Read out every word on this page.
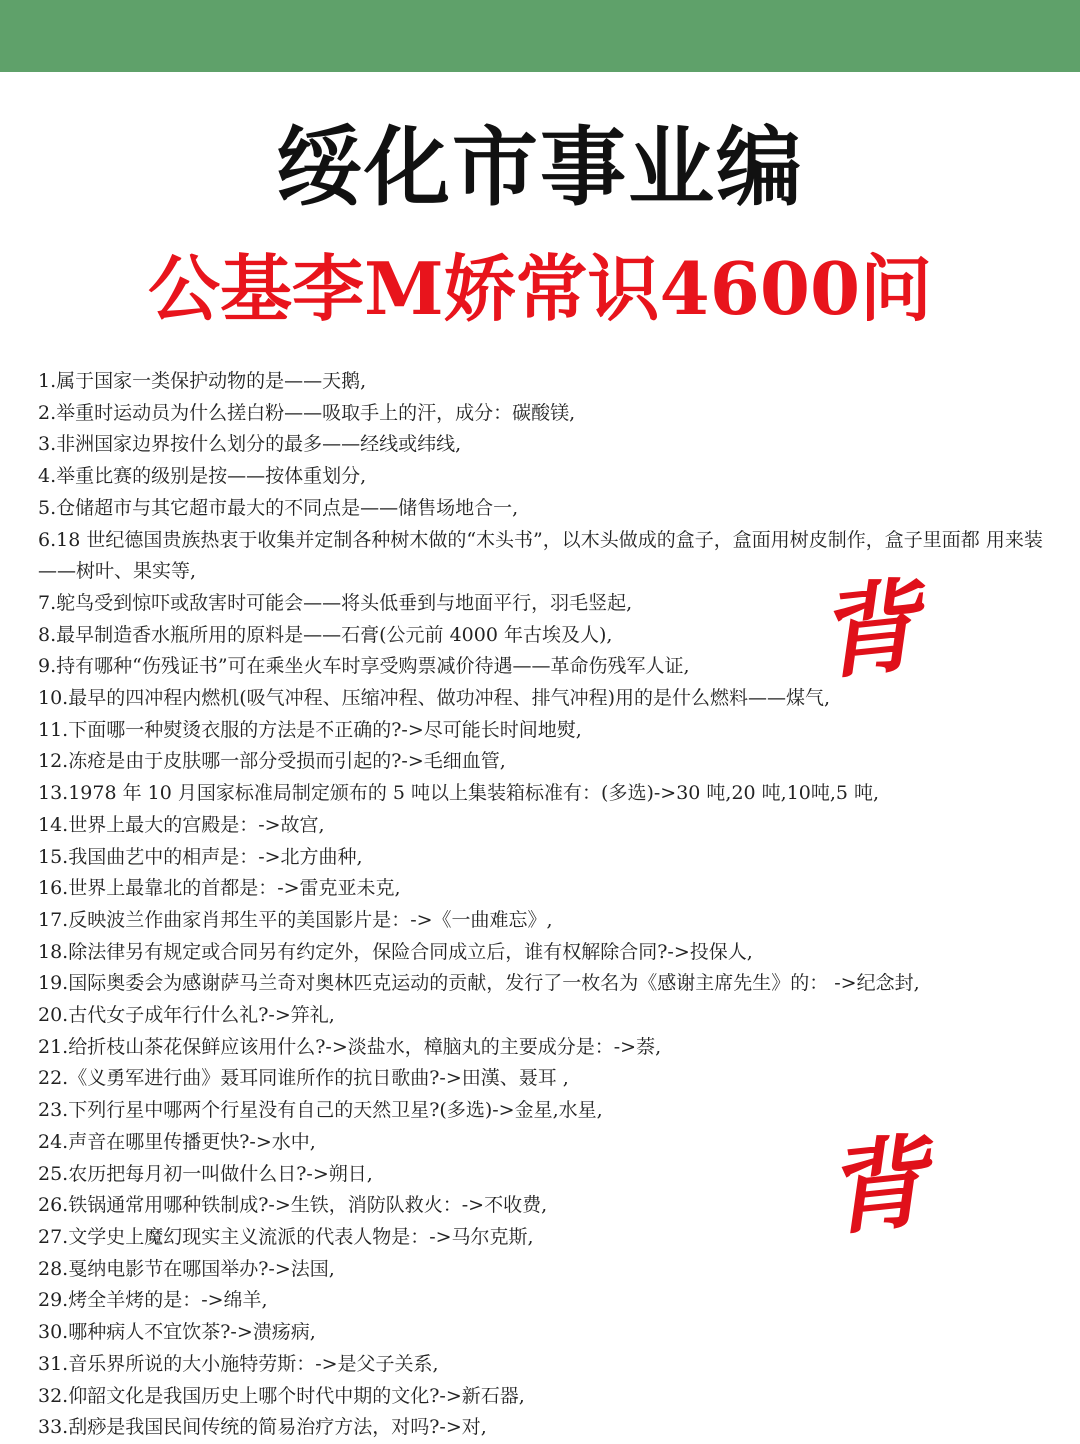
绥化市事业编
公基李M娇常识4600问
1.属于国家一类保护动物的是——天鹅,
2.举重时运动员为什么搓白粉——吸取手上的汗，成分：碳酸镁,
3.非洲国家边界按什么划分的最多——经线或纬线,
4.举重比赛的级别是按——按体重划分,
5.仓储超市与其它超市最大的不同点是——储售场地合一,
6.18 世纪德国贵族热衷于收集并定制各种树木做的“木头书”，以木头做成的盒子，盒面用树皮制作，盒子里面都 用来装——树叶、果实等,
7.鸵鸟受到惊吓或敌害时可能会——将头低垂到与地面平行，羽毛竖起,
8.最早制造香水瓶所用的原料是——石膏(公元前 4000 年古埃及人),
9.持有哪种“伤残证书”可在乘坐火车时享受购票减价待遇——革命伤残军人证,
10.最早的四冲程内燃机(吸气冲程、压缩冲程、做功冲程、排气冲程)用的是什么燃料——煤气,
11.下面哪一种熨烫衣服的方法是不正确的?->尽可能长时间地熨,
12.冻疮是由于皮肤哪一部分受损而引起的?->毛细血管,
13.1978 年 10 月国家标准局制定颁布的 5 吨以上集装箱标准有：(多选)->30 吨,20 吨,10吨,5 吨,
14.世界上最大的宫殿是：->故宫,
15.我国曲艺中的相声是：->北方曲种,
16.世界上最靠北的首都是：->雷克亚未克,
17.反映波兰作曲家肖邦生平的美国影片是：->《一曲难忘》,
18.除法律另有规定或合同另有约定外，保险合同成立后，谁有权解除合同?->投保人,
19.国际奥委会为感谢萨马兰奇对奥林匹克运动的贡献，发行了一枚名为《感谢主席先生》的： ->纪念封,
20.古代女子成年行什么礼?->笄礼,
21.给折枝山茶花保鲜应该用什么?->淡盐水，樟脑丸的主要成分是：->萘,
22.《义勇军进行曲》聂耳同谁所作的抗日歌曲?->田漢、聂耳 ,
23.下列行星中哪两个行星没有自己的天然卫星?(多选)->金星,水星,
24.声音在哪里传播更快?->水中,
25.农历把每月初一叫做什么日?->朔日,
26.铁锅通常用哪种铁制成?->生铁，消防队救火：->不收费,
27.文学史上魔幻现实主义流派的代表人物是：->马尔克斯,
28.戛纳电影节在哪国举办?->法国,
29.烤全羊烤的是：->绵羊,
30.哪种病人不宜饮茶?->溃疡病,
31.音乐界所说的大小施特劳斯：->是父子关系,
32.仰韶文化是我国历史上哪个时代中期的文化?->新石器,
33.刮痧是我国民间传统的简易治疗方法，对吗?->对,
背
背
